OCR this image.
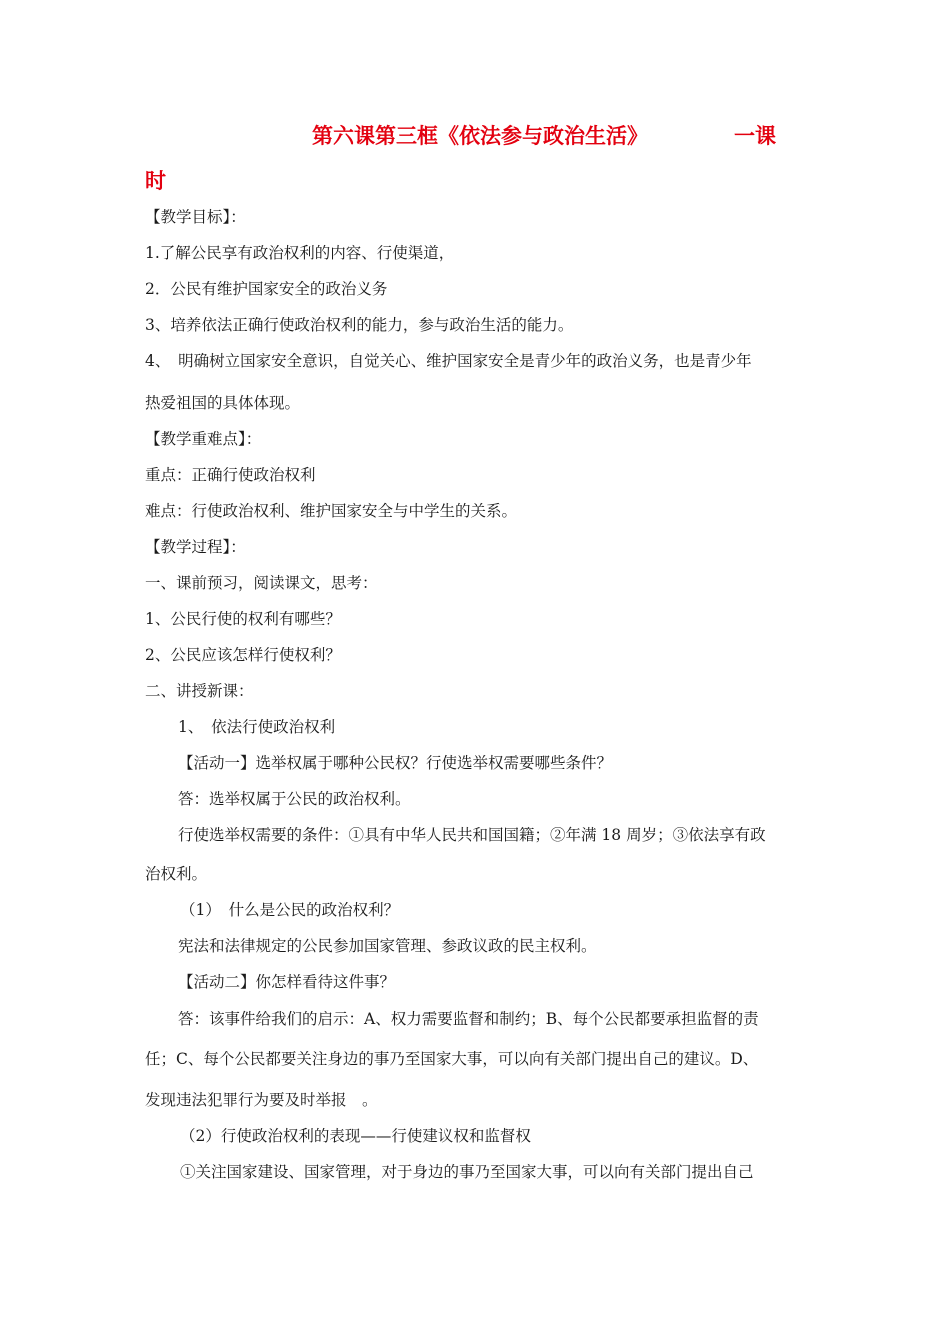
第六课第三框《依法参与政治生活》	一课
时
【教学目标】：
1.了解公民享有政治权利的内容、行使渠道，
2．公民有维护国家安全的政治义务
3、培养依法正确行使政治权利的能力，参与政治生活的能力。
4、　明确树立国家安全意识，自觉关心、维护国家安全是青少年的政治义务，也是青少年
热爱祖国的具体体现。
【教学重难点】：
重点：正确行使政治权利
难点：行使政治权利、维护国家安全与中学生的关系。
【教学过程】：
一、课前预习，阅读课文，思考：
1、公民行使的权利有哪些？
2、公民应该怎样行使权利？
二、讲授新课：
1、　依法行使政治权利
【活动一】选举权属于哪种公民权？行使选举权需要哪些条件？
答：选举权属于公民的政治权利。
行使选举权需要的条件：①具有中华人民共和国国籍；②年满 18 周岁；③依法享有政
治权利。
（1）　什么是公民的政治权利？
宪法和法律规定的公民参加国家管理、参政议政的民主权利。
【活动二】你怎样看待这件事？
答：该事件给我们的启示：A、权力需要监督和制约；B、每个公民都要承担监督的责
任；C、每个公民都要关注身边的事乃至国家大事，可以向有关部门提出自己的建议。D、
发现违法犯罪行为要及时举报　。
（2）行使政治权利的表现——行使建议权和监督权
①关注国家建设、国家管理，对于身边的事乃至国家大事，可以向有关部门提出自己
